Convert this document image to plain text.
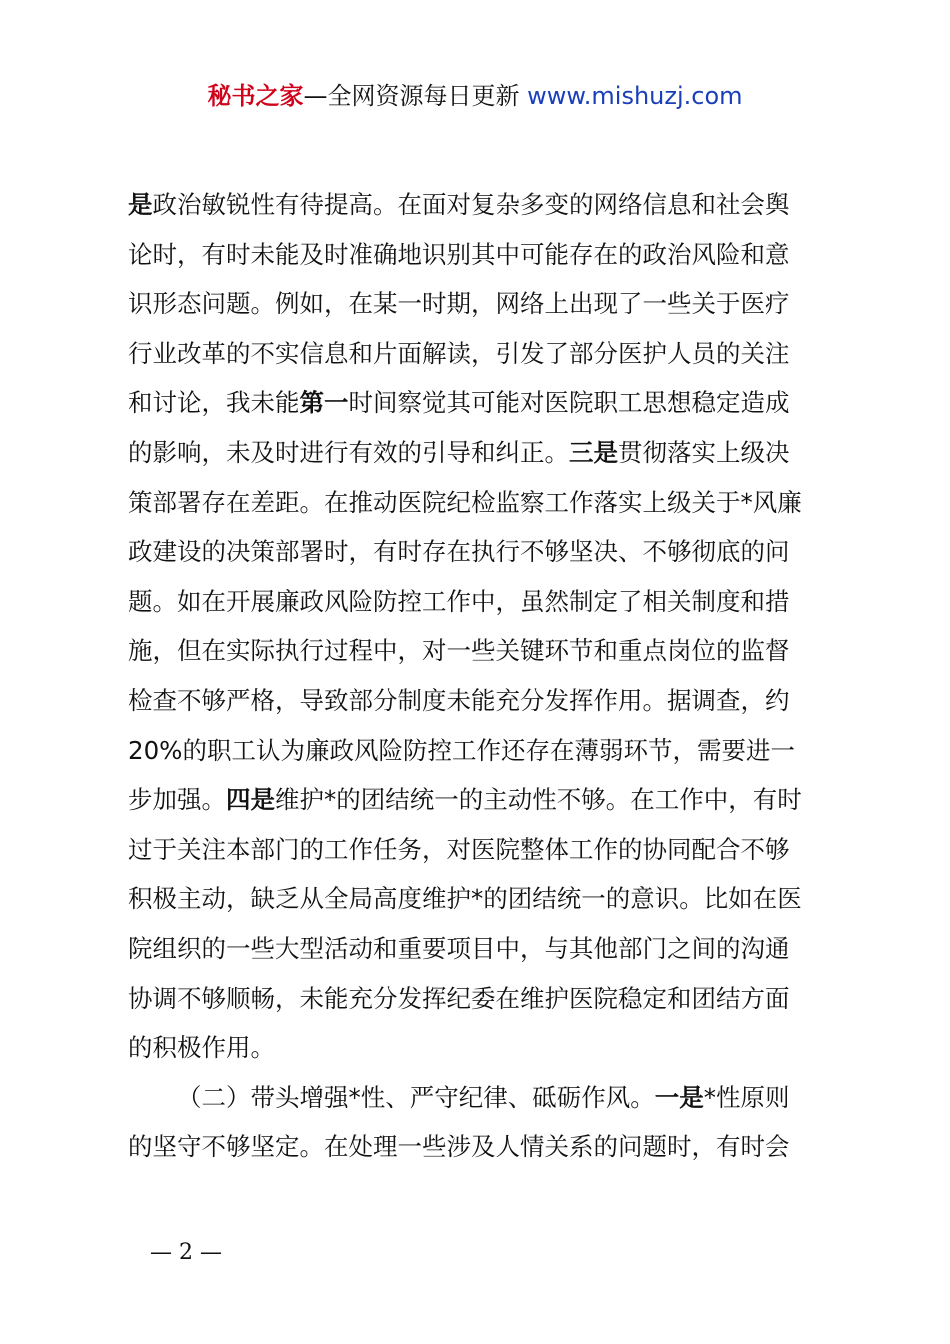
秘书之家—全网资源每日更新 www.mishuzj.com
是政治敏锐性有待提高。在面对复杂多变的网络信息和社会舆
论时，有时未能及时准确地识别其中可能存在的政治风险和意
识形态问题。例如，在某一时期，网络上出现了一些关于医疗
行业改革的不实信息和片面解读，引发了部分医护人员的关注
和讨论，我未能第一时间察觉其可能对医院职工思想稳定造成
的影响，未及时进行有效的引导和纠正。三是贯彻落实上级决
策部署存在差距。在推动医院纪检监察工作落实上级关于*风廉
政建设的决策部署时，有时存在执行不够坚决、不够彻底的问
题。如在开展廉政风险防控工作中，虽然制定了相关制度和措
施，但在实际执行过程中，对一些关键环节和重点岗位的监督
检查不够严格，导致部分制度未能充分发挥作用。据调查，约
20%的职工认为廉政风险防控工作还存在薄弱环节，需要进一
步加强。四是维护*的团结统一的主动性不够。在工作中，有时
过于关注本部门的工作任务，对医院整体工作的协同配合不够
积极主动，缺乏从全局高度维护*的团结统一的意识。比如在医
院组织的一些大型活动和重要项目中，与其他部门之间的沟通
协调不够顺畅，未能充分发挥纪委在维护医院稳定和团结方面
的积极作用。
（二）带头增强*性、严守纪律、砥砺作风。一是*性原则
的坚守不够坚定。在处理一些涉及人情关系的问题时，有时会
— 2 —
